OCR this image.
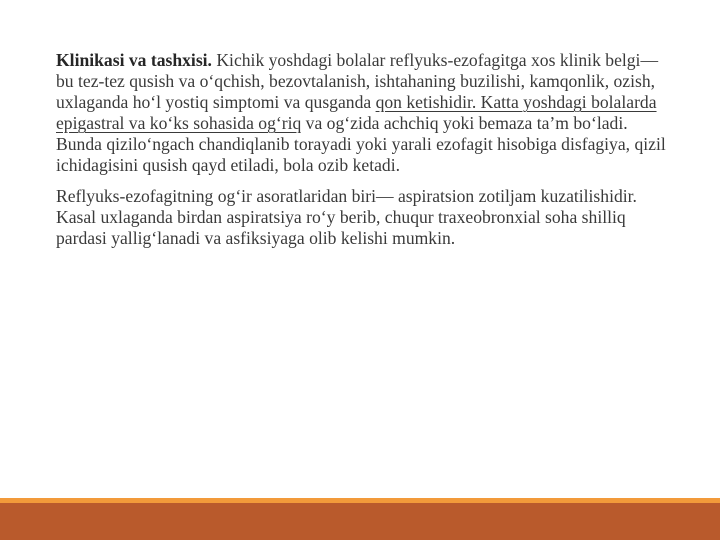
Klinikasi va tashxisi. Kichik yoshdagi bolalar reflyuks-ezofagitga xos klinik belgi—bu tez-tez qusish va o‘qchish, bezovtalanish, ishtahaning buzilishi, kamqonlik, ozish, uxlaganda ho‘l yostiq simptomi va qusganda qon ketishidir. Katta yoshdagi bolalarda epigastral va ko‘ks sohasida og‘riq va og‘zida achchiq yoki bemaza ta’m bo‘ladi. Bunda qizilo‘ngach chandiqlanib torayadi yoki yarali ezofagit hisobiga disfagiya, qizil ichidagisini qusish qayd etiladi, bola ozib ketadi.

Reflyuks-ezofagitning og‘ir asoratlaridan biri— aspiratsion zotiljam kuzatilishidir. Kasal uxlaganda birdan aspiratsiya ro‘y berib, chuqur traxeobronxial soha shilliq pardasi yallig‘lanadi va asfiksiyaga olib kelishi mumkin.
